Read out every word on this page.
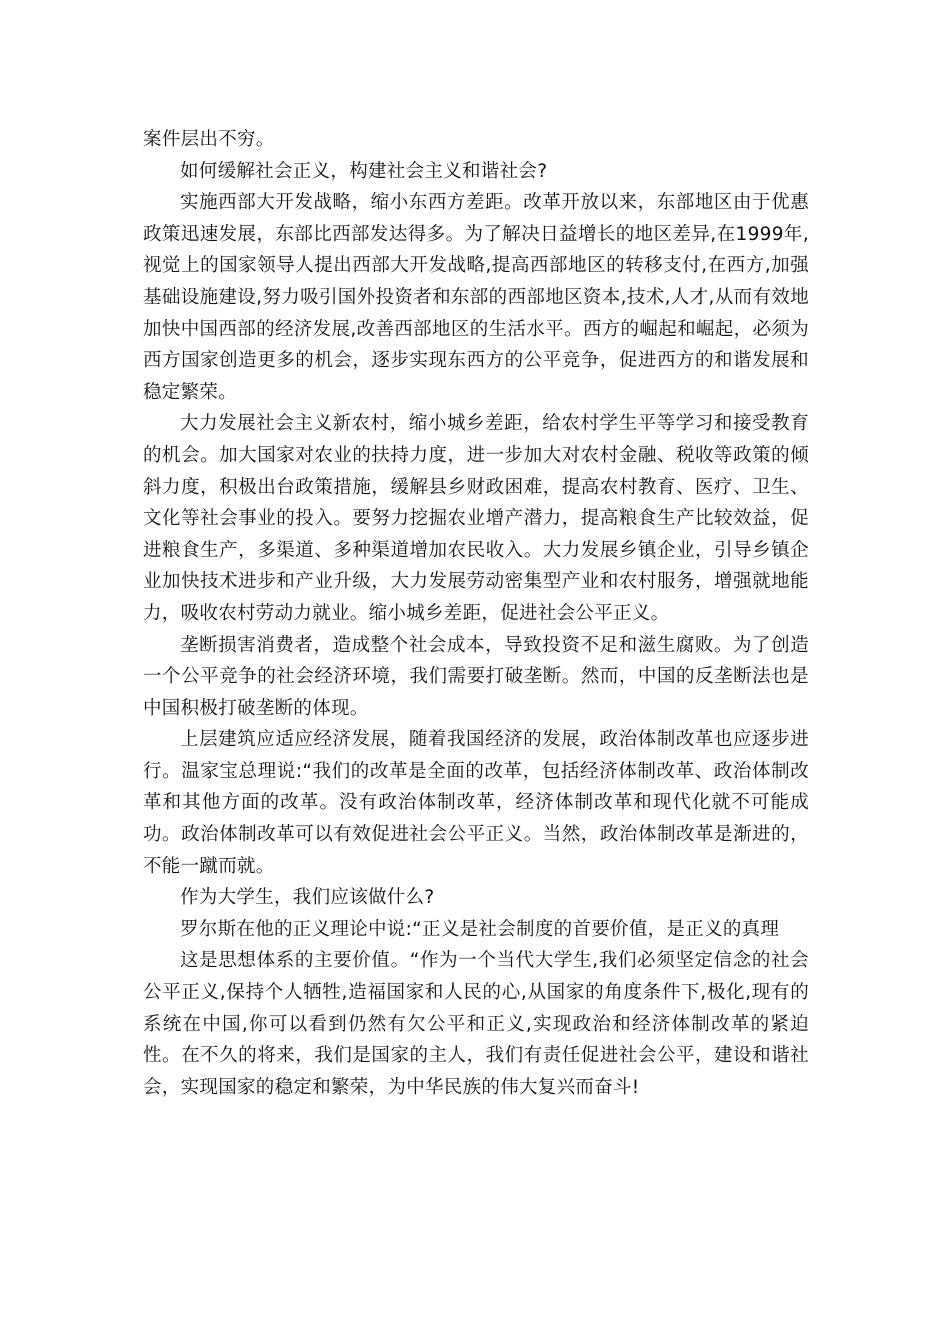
案件层出不穷。

如何缓解社会正义，构建社会主义和谐社会?

实施西部大开发战略，缩小东西方差距。改革开放以来，东部地区由于优惠政策迅速发展，东部比西部发达得多。为了解决日益增长的地区差异,在1999年,视觉上的国家领导人提出西部大开发战略,提高西部地区的转移支付,在西方,加强基础设施建设,努力吸引国外投资者和东部的西部地区资本,技术,人才,从而有效地加快中国西部的经济发展,改善西部地区的生活水平。西方的崛起和崛起，必须为西方国家创造更多的机会，逐步实现东西方的公平竞争，促进西方的和谐发展和稳定繁荣。

大力发展社会主义新农村，缩小城乡差距，给农村学生平等学习和接受教育的机会。加大国家对农业的扶持力度，进一步加大对农村金融、税收等政策的倾斜力度，积极出台政策措施，缓解县乡财政困难，提高农村教育、医疗、卫生、文化等社会事业的投入。要努力挖掘农业增产潜力，提高粮食生产比较效益，促进粮食生产，多渠道、多种渠道增加农民收入。大力发展乡镇企业，引导乡镇企业加快技术进步和产业升级，大力发展劳动密集型产业和农村服务，增强就地能力，吸收农村劳动力就业。缩小城乡差距，促进社会公平正义。

垄断损害消费者，造成整个社会成本，导致投资不足和滋生腐败。为了创造一个公平竞争的社会经济环境，我们需要打破垄断。然而，中国的反垄断法也是中国积极打破垄断的体现。

上层建筑应适应经济发展，随着我国经济的发展，政治体制改革也应逐步进行。温家宝总理说:“我们的改革是全面的改革，包括经济体制改革、政治体制改革和其他方面的改革。没有政治体制改革，经济体制改革和现代化就不可能成功。政治体制改革可以有效促进社会公平正义。当然，政治体制改革是渐进的，不能一蹴而就。

作为大学生，我们应该做什么?

罗尔斯在他的正义理论中说:“正义是社会制度的首要价值，是正义的真理

这是思想体系的主要价值。“作为一个当代大学生,我们必须坚定信念的社会公平正义,保持个人牺牲,造福国家和人民的心,从国家的角度条件下,极化,现有的系统在中国,你可以看到仍然有欠公平和正义,实现政治和经济体制改革的紧迫性。在不久的将来，我们是国家的主人，我们有责任促进社会公平，建设和谐社会，实现国家的稳定和繁荣，为中华民族的伟大复兴而奋斗!
